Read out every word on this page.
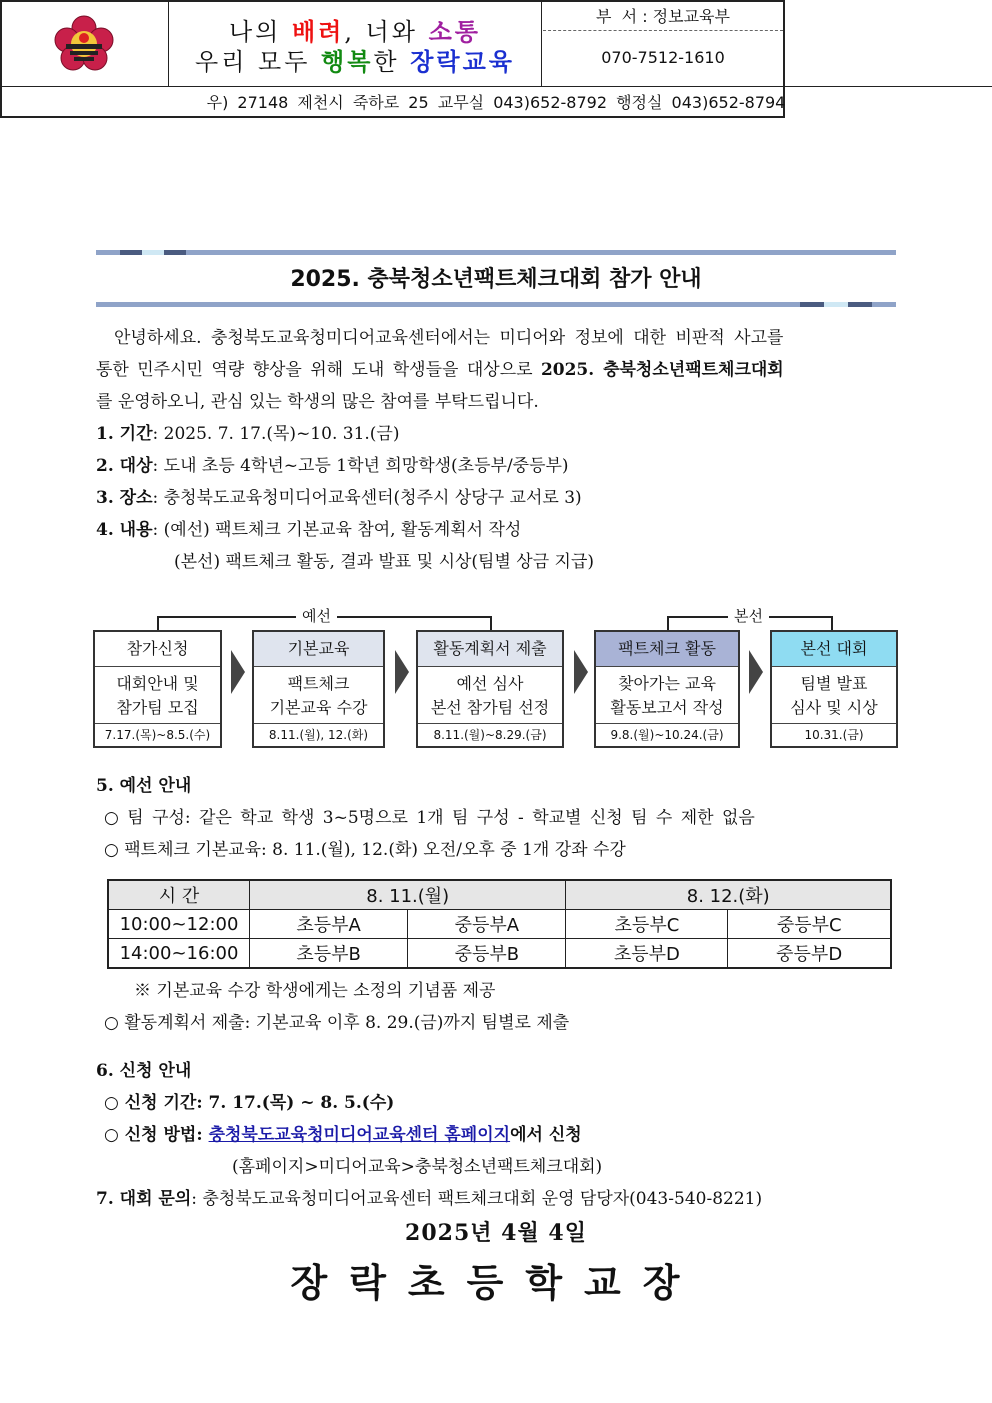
나의 배려, 너와 소통
우리 모두 행복한 장락교육
부  서 : 정보교육부
070-7512-1610
우) 27148 제천시 죽하로 25 교무실 043)652-8792 행정실 043)652-8794
2025. 충북청소년팩트체크대회 참가 안내
안녕하세요. 충청북도교육청미디어교육센터에서는 미디어와 정보에 대한 비판적 사고를
통한 민주시민 역량 향상을 위해 도내 학생들을 대상으로 2025. 충북청소년팩트체크대회
를 운영하오니, 관심 있는 학생의 많은 참여를 부탁드립니다.
1. 기간: 2025. 7. 17.(목)~10. 31.(금)
2. 대상: 도내 초등 4학년~고등 1학년 희망학생(초등부/중등부)
3. 장소: 충청북도교육청미디어교육센터(청주시 상당구 교서로 3)
4. 내용: (예선) 팩트체크 기본교육 참여, 활동계획서 작성
(본선) 팩트체크 활동, 결과 발표 및 시상(팀별 상금 지급)
예선	본선
참가신청
대회안내 및
참가팀 모집
7.17.(목)~8.5.(수)
기본교육
팩트체크
기본교육 수강
8.11.(월), 12.(화)
활동계획서 제출
예선 심사
본선 참가팀 선정
8.11.(월)~8.29.(금)
팩트체크 활동
찾아가는 교육
활동보고서 작성
9.8.(월)~10.24.(금)
본선 대회
팀별 발표
심사 및 시상
10.31.(금)
5. 예선 안내
○ 팀 구성: 같은 학교 학생 3~5명으로 1개 팀 구성 - 학교별 신청 팀 수 제한 없음
○ 팩트체크 기본교육: 8. 11.(월), 12.(화) 오전/오후 중 1개 강좌 수강
시 간	8. 11.(월)		8. 12.(화)	
10:00~12:00	초등부A	중등부A	초등부C	중등부C
14:00~16:00	초등부B	중등부B	초등부D	중등부D
※ 기본교육 수강 학생에게는 소정의 기념품 제공
○ 활동계획서 제출: 기본교육 이후 8. 29.(금)까지 팀별로 제출
6. 신청 안내
○ 신청 기간: 7. 17.(목) ~ 8. 5.(수)
○ 신청 방법: 충청북도교육청미디어교육센터 홈페이지에서 신청
(홈페이지>미디어교육>충북청소년팩트체크대회)
7. 대회 문의: 충청북도교육청미디어교육센터 팩트체크대회 운영 담당자(043-540-8221)
2025년 4월 4일
장락초등학교장
